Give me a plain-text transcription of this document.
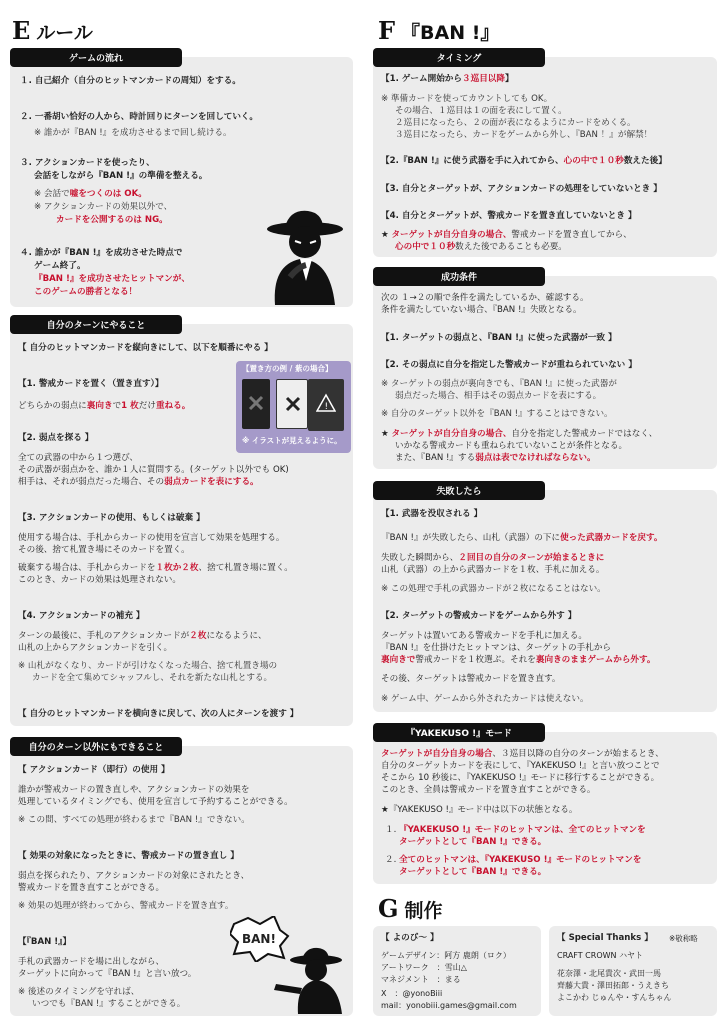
E ルール
ゲームの流れ
１. 自己紹介（自分のヒットマンカードの周知）をする。
２. 一番胡い恰好の人から、時計回りにターンを回していく。
※ 誰かが『BAN !』を成功させるまで回し続ける。
３. アクションカードを使ったり、
会話をしながら『BAN !』の準備を整える。
※ 会話で嘘をつくのは OK。
※ アクションカードの効果以外で、
カードを公開するのは NG。
４. 誰かが『BAN !』を成功させた時点で
ゲーム終了。
『BAN !』を成功させたヒットマンが、
このゲームの勝者となる！
自分のターンにやること
【 自分のヒットマンカードを縦向きにして、以下を順番にやる 】
【1. 警戒カードを置く（置き直す）】
どちらかの弱点に裏向きで1 枚だけ重ねる。
【置き方の例 / 紫の場合】
!
※ イラストが見えるように。
【2. 弱点を探る 】
全ての武器の中から１つ選び、
その武器が弱点かを、誰か１人に質問する。(ターゲット以外でも OK)
相手は、それが弱点だった場合、その弱点カードを表にする。
【3. アクションカードの使用、もしくは破棄 】
使用する場合は、手札からカードの使用を宣言して効果を処理する。
その後、捨て札置き場にそのカードを置く。
破棄する場合は、手札からカードを１枚か２枚、捨て札置き場に置く。
このとき、カードの効果は処理されない。
【4. アクションカードの補充 】
ターンの最後に、手札のアクションカードが２枚になるように、
山札の上からアクションカードを引く。
※ 山札がなくなり、カードが引けなくなった場合、捨て札置き場の
カードを全て集めてシャッフルし、それを新たな山札とする。
【 自分のヒットマンカードを横向きに戻して、次の人にターンを渡す 】
自分のターン以外にもできること
【 アクションカード（即行）の使用 】
誰かが警戒カードの置き直しや、アクションカードの効果を
処理しているタイミングでも、使用を宣言して予約することができる。
※ この間、すべての処理が終わるまで『BAN !』できない。
【 効果の対象になったときに、警戒カードの置き直し 】
弱点を探られたり、アクションカードの対象にされたとき、
警戒カードを置き直すことができる。
※ 効果の処理が終わってから、警戒カードを置き直す。
【『BAN !』】
手札の武器カードを場に出しながら、
ターゲットに向かって『BAN !』と言い放つ。
※ 後述のタイミングを守れば、
いつでも『BAN !』することができる。
BAN!
F 『BAN !』
タイミング
【1. ゲーム開始から３巡目以降】
※ 準備カードを使ってカウントしても OK。
その場合、１巡目は１の面を表にして置く。
２巡目になったら、２の面が表になるようにカードをめくる。
３巡目になったら、カードをゲームから外し、『BAN ！』が解禁！
【2.『BAN !』に使う武器を手に入れてから、心の中で１０秒数えた後】
【3. 自分とターゲットが、アクションカードの処理をしていないとき 】
【4. 自分とターゲットが、警戒カードを置き直していないとき 】
★ ターゲットが自分自身の場合、警戒カードを置き直してから、
心の中で１０秒数えた後であることも必要。
成功条件
次の １→２の順で条件を満たしているか、確認する。
条件を満たしていない場合、『BAN !』失敗となる。
【1. ターゲットの弱点と、『BAN !』に使った武器が一致 】
【2. その弱点に自分を指定した警戒カードが重ねられていない 】
※ ターゲットの弱点が裏向きでも、『BAN !』に使った武器が
弱点だった場合、相手はその弱点カードを表にする。
※ 自分のターゲット以外を『BAN !』することはできない。
★ ターゲットが自分自身の場合、自分を指定した警戒カードではなく、
いかなる警戒カードも重ねられていないことが条件となる。
また、『BAN !』する弱点は表でなければならない。
失敗したら
【1. 武器を没収される 】
『BAN !』が失敗したら、山札（武器）の下に使った武器カードを戻す。
失敗した瞬間から、２回目の自分のターンが始まるときに
山札（武器）の上から武器カードを１枚、手札に加える。
※ この処理で手札の武器カードが２枚になることはない。
【2. ターゲットの警戒カードをゲームから外す 】
ターゲットは置いてある警戒カードを手札に加える。
『BAN !』を仕掛けたヒットマンは、ターゲットの手札から
裏向きで警戒カードを１枚選ぶ。それを裏向きのままゲームから外す。
その後、ターゲットは警戒カードを置き直す。
※ ゲーム中、ゲームから外されたカードは使えない。
『YAKEKUSO !』モード
ターゲットが自分自身の場合、３巡目以降の自分のターンが始まるとき、
自分のターゲットカードを表にして、『YAKEKUSO !』と言い放つことで
そこから 10 秒後に、『YAKEKUSO !』モードに移行することができる。
このとき、全員は警戒カードを置き直すことができる。
★『YAKEKUSO !』モード中は以下の状態となる。
１. 『YAKEKUSO !』モードのヒットマンは、全てのヒットマンを
ターゲットとして『BAN !』できる。
２. 全てのヒットマンは、『YAKEKUSO !』モードのヒットマンを
ターゲットとして『BAN !』できる。
G 制作
【 よのび〜 】
ゲームデザイン：阿方 鹿朗（ロク）
アートワーク　：雪山△
マネジメント　：まる
X　：@yonoBiii
mail：yonobiii.games@gmail.com
【 Special Thanks 】 ※敬称略
CRAFT CROWN ハヤト
花奈澤・北尾貴次・武田一馬
齊藤大貴・澤田拓郎・うえきち
よこかわ じゅんや・すんちゃん
